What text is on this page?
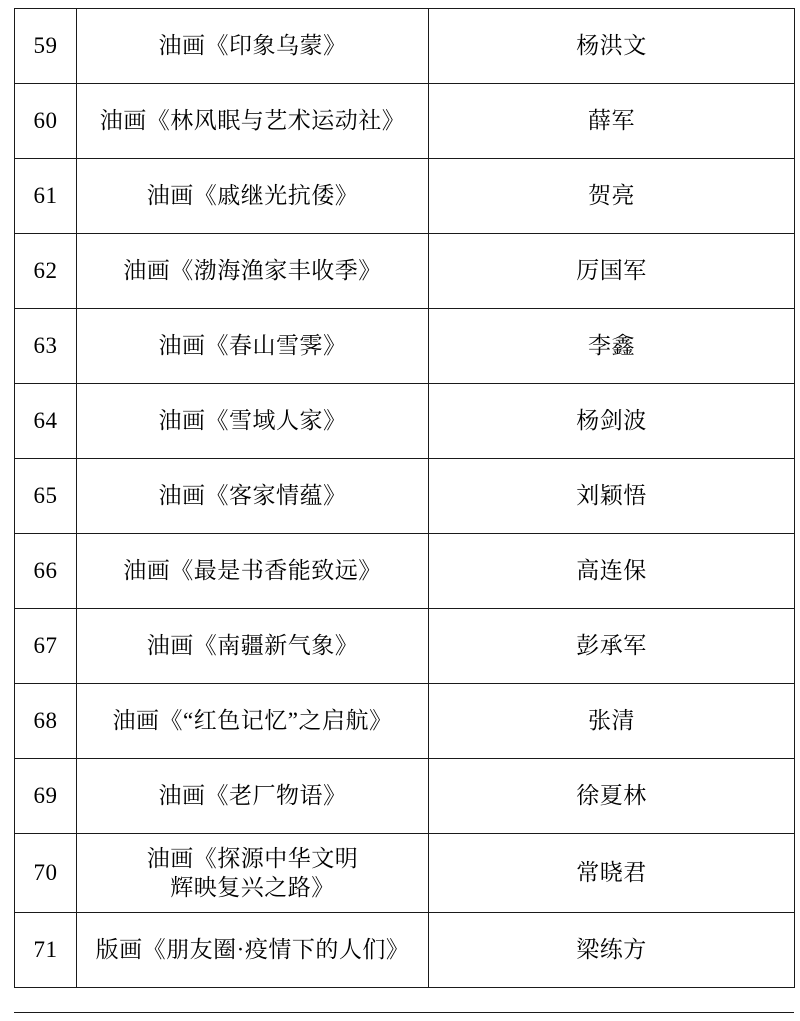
59	油画《印象乌蒙》	杨洪文
60	油画《林风眠与艺术运动社》	薛军
61	油画《戚继光抗倭》	贺亮
62	油画《渤海渔家丰收季》	厉国军
63	油画《春山雪霁》	李鑫
64	油画《雪域人家》	杨剑波
65	油画《客家情蕴》	刘颖悟
66	油画《最是书香能致远》	高连保
67	油画《南疆新气象》	彭承军
68	油画《“红色记忆”之启航》	张清
69	油画《老厂物语》	徐夏林
70	油画《探源中华文明
辉映复兴之路》	常晓君
71	版画《朋友圈·疫情下的人们》	梁练方
